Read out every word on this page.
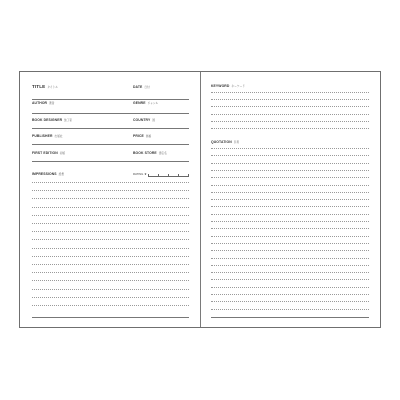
TITLE タイトル	DATE 日付
AUTHOR 著者	GENRE ジャンル
BOOK DESIGNER 装丁家	COUNTRY 国
PUBLISHER 出版社	PRICE 価格
FIRST EDITION 初版	BOOK STORE 書店名
IMPRESSIONS 感想	RATING ★
KEYWORD キーワード
QUOTATION 引用
